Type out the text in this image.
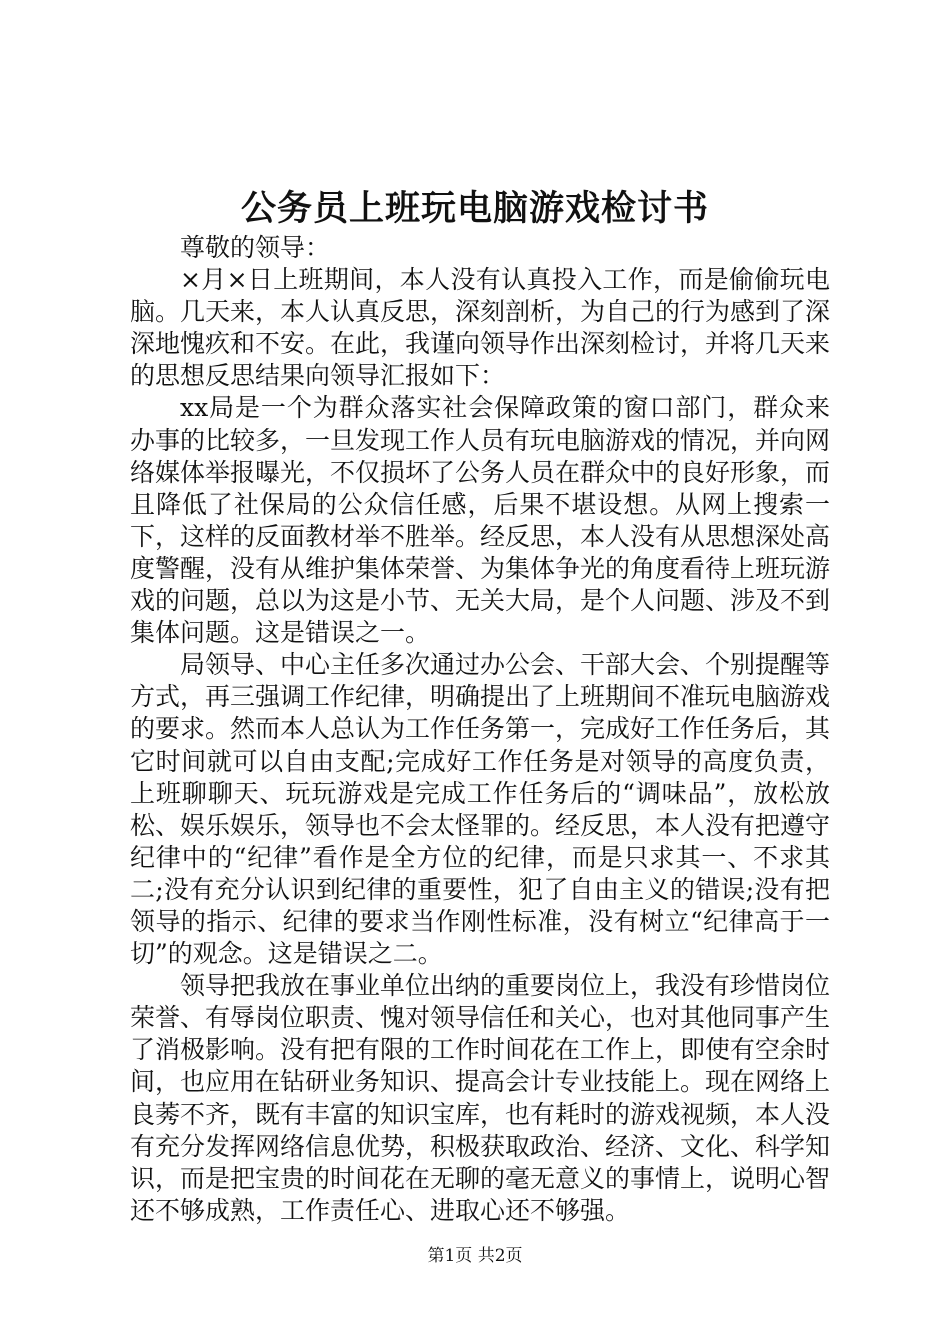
公务员上班玩电脑游戏检讨书

尊敬的领导：

×月×日上班期间，本人没有认真投入工作，而是偷偷玩电脑。几天来，本人认真反思，深刻剖析，为自己的行为感到了深深地愧疚和不安。在此，我谨向领导作出深刻检讨，并将几天来的思想反思结果向领导汇报如下：

xx局是一个为群众落实社会保障政策的窗口部门，群众来办事的比较多，一旦发现工作人员有玩电脑游戏的情况，并向网络媒体举报曝光，不仅损坏了公务人员在群众中的良好形象，而且降低了社保局的公众信任感，后果不堪设想。从网上搜索一下，这样的反面教材举不胜举。经反思，本人没有从思想深处高度警醒，没有从维护集体荣誉、为集体争光的角度看待上班玩游戏的问题，总以为这是小节、无关大局，是个人问题、涉及不到集体问题。这是错误之一。

局领导、中心主任多次通过办公会、干部大会、个别提醒等方式，再三强调工作纪律，明确提出了上班期间不准玩电脑游戏的要求。然而本人总认为工作任务第一，完成好工作任务后，其它时间就可以自由支配;完成好工作任务是对领导的高度负责，上班聊聊天、玩玩游戏是完成工作任务后的“调味品”，放松放松、娱乐娱乐，领导也不会太怪罪的。经反思，本人没有把遵守纪律中的“纪律”看作是全方位的纪律，而是只求其一、不求其二;没有充分认识到纪律的重要性，犯了自由主义的错误;没有把领导的指示、纪律的要求当作刚性标准，没有树立“纪律高于一切”的观念。这是错误之二。

领导把我放在事业单位出纳的重要岗位上，我没有珍惜岗位荣誉、有辱岗位职责、愧对领导信任和关心，也对其他同事产生了消极影响。没有把有限的工作时间花在工作上，即使有空余时间，也应用在钻研业务知识、提高会计专业技能上。现在网络上良莠不齐，既有丰富的知识宝库，也有耗时的游戏视频，本人没有充分发挥网络信息优势，积极获取政治、经济、文化、科学知识，而是把宝贵的时间花在无聊的毫无意义的事情上，说明心智还不够成熟，工作责任心、进取心还不够强。

第1页 共2页
